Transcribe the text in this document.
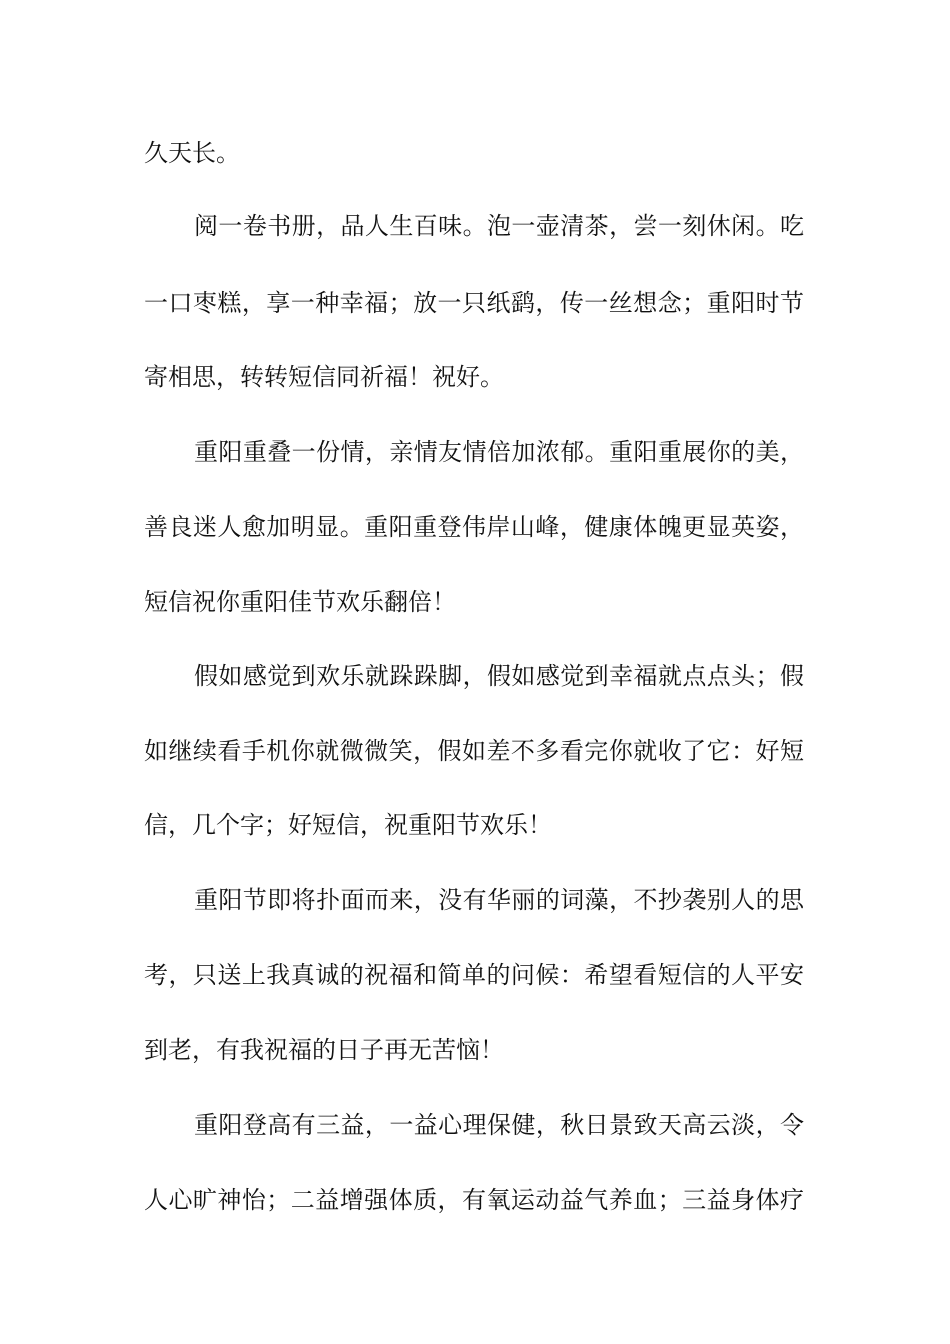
久天长。
阅一卷书册，品人生百味。泡一壶清茶，尝一刻休闲。吃
一口枣糕，享一种幸福；放一只纸鹞，传一丝想念；重阳时节
寄相思，转转短信同祈福！祝好。
重阳重叠一份情，亲情友情倍加浓郁。重阳重展你的美，
善良迷人愈加明显。重阳重登伟岸山峰，健康体魄更显英姿，
短信祝你重阳佳节欢乐翻倍！
假如感觉到欢乐就跺跺脚，假如感觉到幸福就点点头；假
如继续看手机你就微微笑，假如差不多看完你就收了它：好短
信，几个字；好短信，祝重阳节欢乐！
重阳节即将扑面而来，没有华丽的词藻，不抄袭别人的思
考，只送上我真诚的祝福和简单的问候：希望看短信的人平安
到老，有我祝福的日子再无苦恼！
重阳登高有三益，一益心理保健，秋日景致天高云淡，令
人心旷神怡；二益增强体质，有氧运动益气养血；三益身体疗
